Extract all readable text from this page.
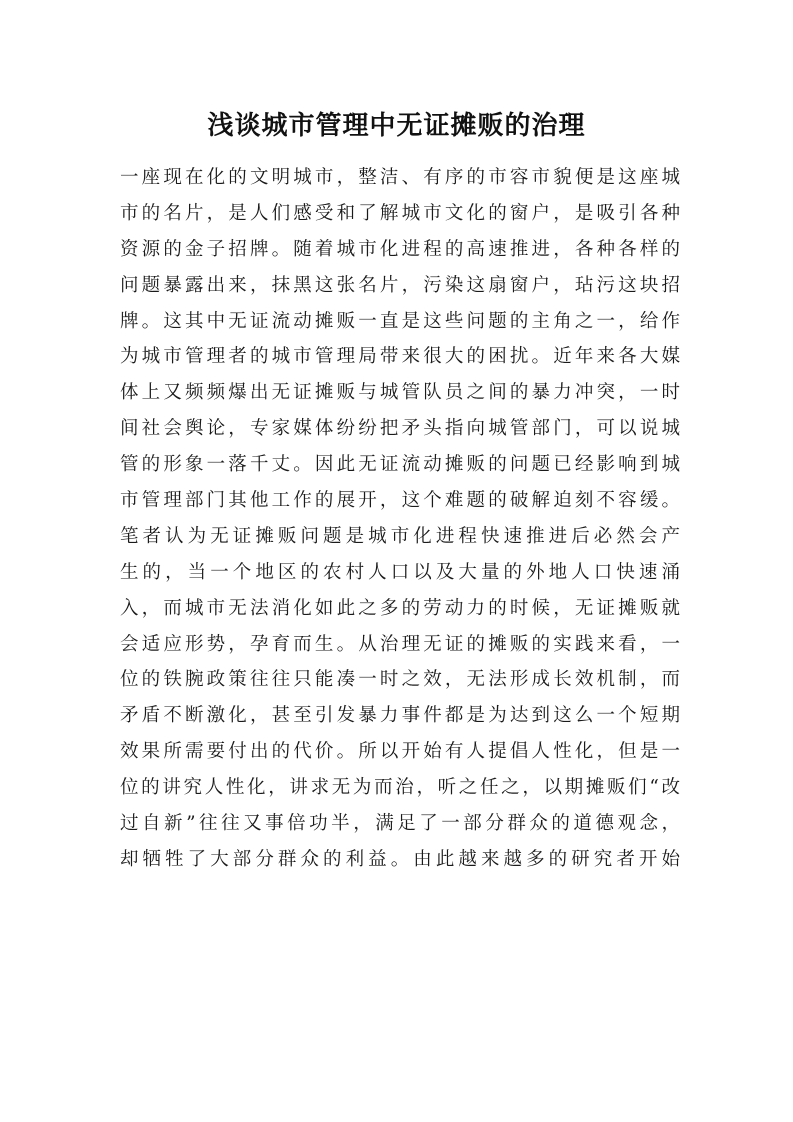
浅谈城市管理中无证摊贩的治理
一座现在化的文明城市，整洁、有序的市容市貌便是这座城
市的名片，是人们感受和了解城市文化的窗户，是吸引各种
资源的金子招牌。随着城市化进程的高速推进，各种各样的
问题暴露出来，抹黑这张名片，污染这扇窗户，玷污这块招
牌。这其中无证流动摊贩一直是这些问题的主角之一，给作
为城市管理者的城市管理局带来很大的困扰。近年来各大媒
体上又频频爆出无证摊贩与城管队员之间的暴力冲突，一时
间社会舆论，专家媒体纷纷把矛头指向城管部门，可以说城
管的形象一落千丈。因此无证流动摊贩的问题已经影响到城
市管理部门其他工作的展开，这个难题的破解迫刻不容缓。
笔者认为无证摊贩问题是城市化进程快速推进后必然会产
生的，当一个地区的农村人口以及大量的外地人口快速涌
入，而城市无法消化如此之多的劳动力的时候，无证摊贩就
会适应形势，孕育而生。从治理无证的摊贩的实践来看，一
位的铁腕政策往往只能凑一时之效，无法形成长效机制，而
矛盾不断激化，甚至引发暴力事件都是为达到这么一个短期
效果所需要付出的代价。所以开始有人提倡人性化，但是一
位的讲究人性化，讲求无为而治，听之任之，以期摊贩们“改
过自新”往往又事倍功半，满足了一部分群众的道德观念，
却牺牲了大部分群众的利益。由此越来越多的研究者开始
